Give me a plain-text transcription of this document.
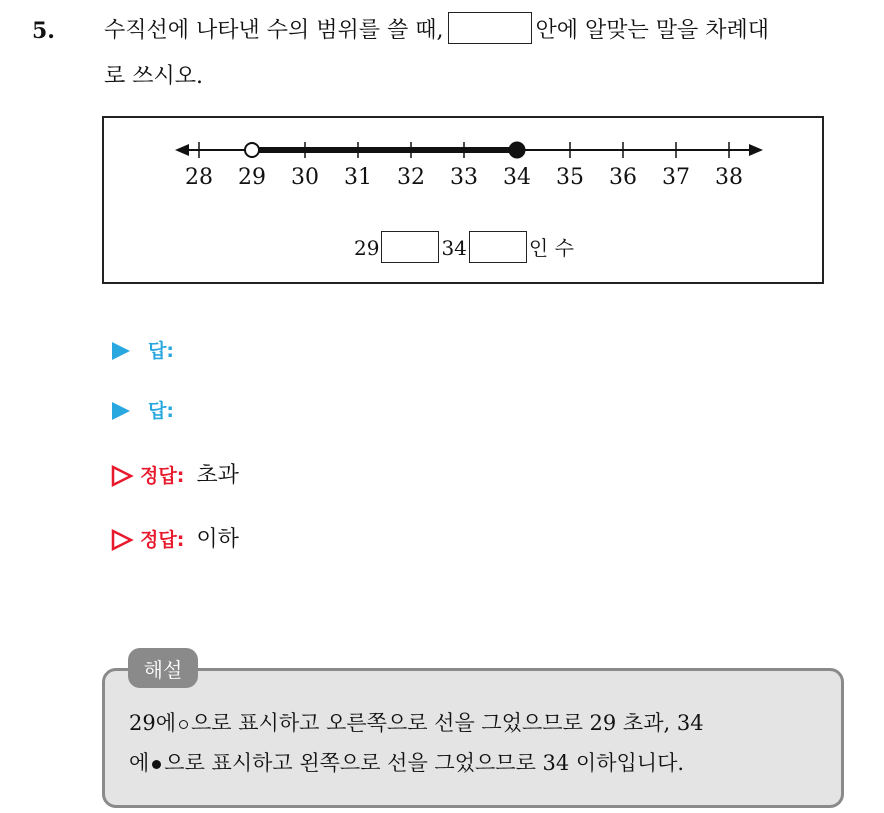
5. 수직선에 나타낸 수의 범위를 쓸 때,	안에 알맞는 말을 차례대
로 쓰시오.
28 29 30 31 32 33 34 35 36 37 38
29	34	인 수
답:
답:
정답: 초과
정답: 이하
해설
29에 으로 표시하고 오른쪽으로 선을 그었으므로 29 초과, 34
에 으로 표시하고 왼쪽으로 선을 그었으므로 34 이하입니다.
